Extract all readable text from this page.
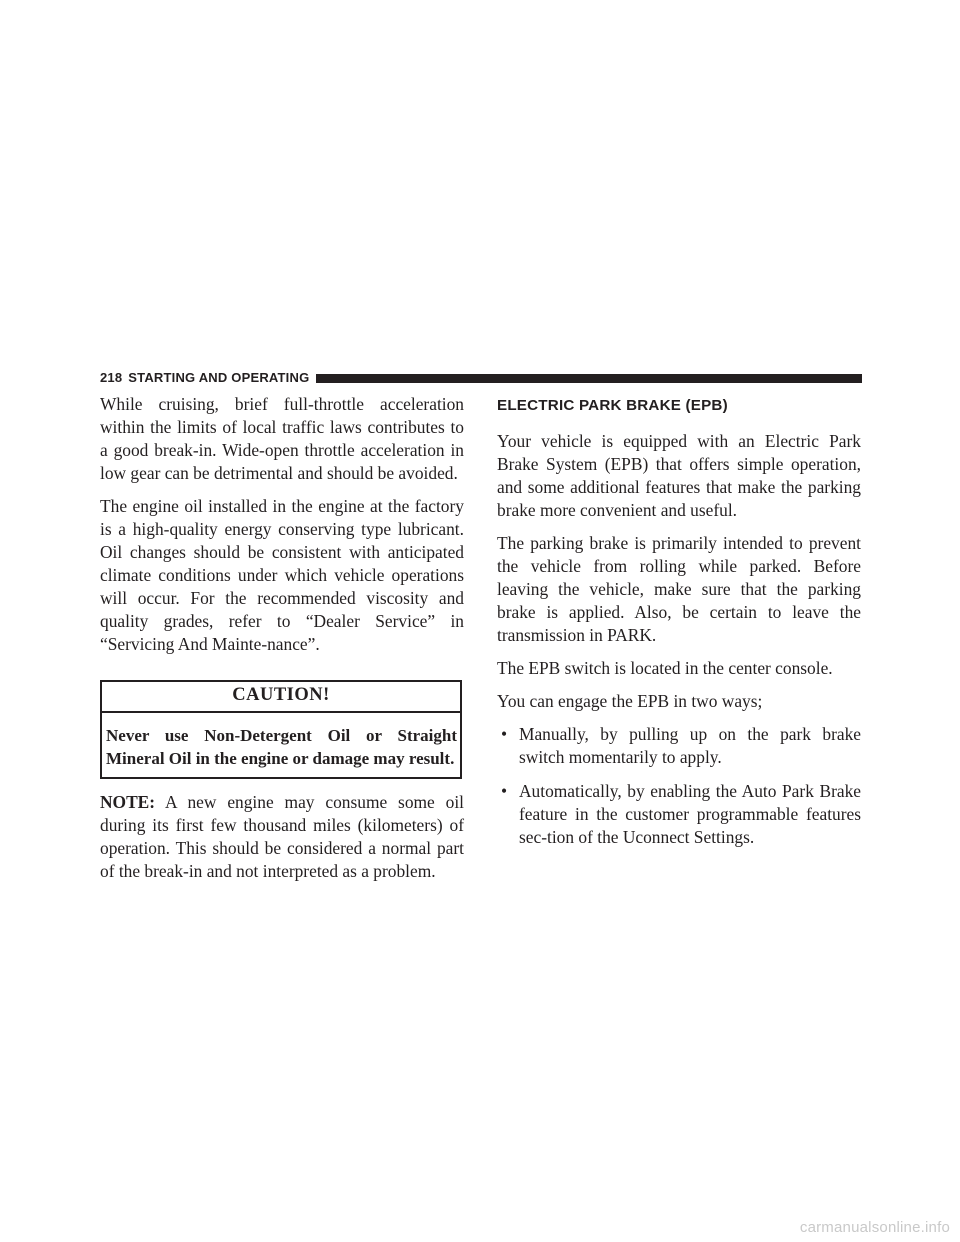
218 STARTING AND OPERATING

While cruising, brief full-throttle acceleration within the limits of local traffic laws contributes to a good break-in. Wide-open throttle acceleration in low gear can be detrimental and should be avoided.

The engine oil installed in the engine at the factory is a high-quality energy conserving type lubricant. Oil changes should be consistent with anticipated climate conditions under which vehicle operations will occur. For the recommended viscosity and quality grades, refer to “Dealer Service” in “Servicing And Mainte-nance”.

CAUTION!
Never use Non-Detergent Oil or Straight Mineral Oil in the engine or damage may result.

NOTE: A new engine may consume some oil during its first few thousand miles (kilometers) of operation. This should be considered a normal part of the break-in and not interpreted as a problem.

ELECTRIC PARK BRAKE (EPB)

Your vehicle is equipped with an Electric Park Brake System (EPB) that offers simple operation, and some additional features that make the parking brake more convenient and useful.

The parking brake is primarily intended to prevent the vehicle from rolling while parked. Before leaving the vehicle, make sure that the parking brake is applied. Also, be certain to leave the transmission in PARK.

The EPB switch is located in the center console.

You can engage the EPB in two ways;

• Manually, by pulling up on the park brake switch momentarily to apply.
• Automatically, by enabling the Auto Park Brake feature in the customer programmable features sec-tion of the Uconnect Settings.
carmanualsonline.info
